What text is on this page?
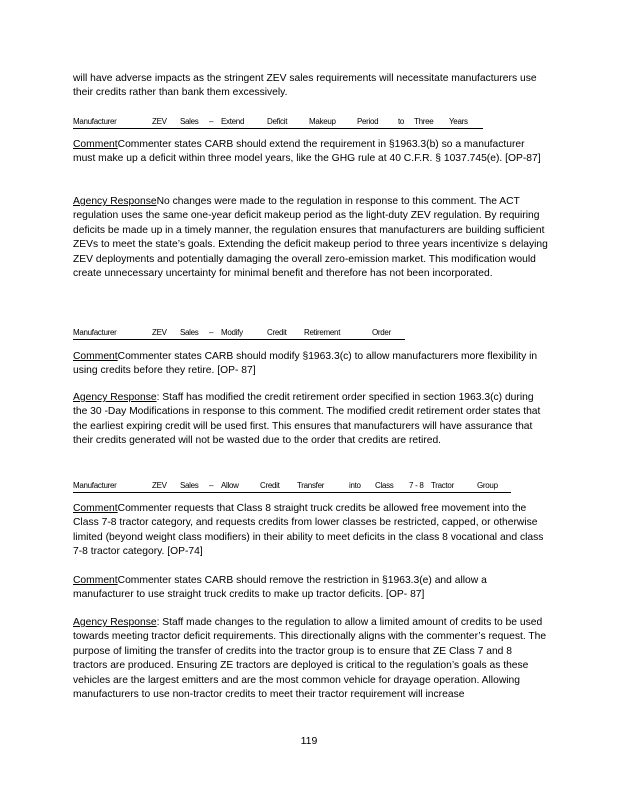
will have adverse impacts as the stringent ZEV sales requirements will necessitate manufacturers use their credits rather than bank them excessively.

Manufacturer	ZEV Sales – Extend	Deficit	Makeup	Period to Three Years

CommentCommenter states CARB should extend the requirement in §1963.3(b) so a manufacturer must make up a deficit within three model years, like the GHG rule at 40 C.F.R. § 1037.745(e). [OP-87]

Agency ResponseNo changes were made to the regulation in response to this comment. The ACT regulation uses the same one-year deficit makeup period as the light-duty ZEV regulation. By requiring deficits be made up in a timely manner, the regulation ensures that manufacturers are building sufficient ZEVs to meet the state’s goals. Extending the deficit makeup period to three years incentivize s delaying ZEV deployments and potentially damaging the overall zero-emission market. This modification would create unnecessary uncertainty for minimal benefit and therefore has not been incorporated.

Manufacturer	ZEV Sales – Modify	Credit Retirement	Order

CommentCommenter states CARB should modify §1963.3(c) to allow manufacturers more flexibility in using credits before they retire. [OP- 87]

Agency Response: Staff has modified the credit retirement order specified in section 1963.3(c) during the 30 -Day Modifications in response to this comment. The modified credit retirement order states that the earliest expiring credit will be used first. This ensures that manufacturers will have assurance that their credits generated will not be wasted due to the order that credits are retired.

Manufacturer	ZEV Sales – Allow	Credit Transfer	into Class 7 - 8 Tractor	Group

CommentCommenter requests that Class 8 straight truck credits be allowed free movement into the Class 7-8 tractor category, and requests credits from lower classes be restricted, capped, or otherwise limited (beyond weight class modifiers) in their ability to meet deficits in the class 8 vocational and class 7-8 tractor category. [OP-74]

CommentCommenter states CARB should remove the restriction in §1963.3(e) and allow a manufacturer to use straight truck credits to make up tractor deficits. [OP- 87]

Agency Response: Staff made changes to the regulation to allow a limited amount of credits to be used towards meeting tractor deficit requirements. This directionally aligns with the commenter’s request. The purpose of limiting the transfer of credits into the tractor group is to ensure that ZE Class 7 and 8 tractors are produced. Ensuring ZE tractors are deployed is critical to the regulation’s goals as these vehicles are the largest emitters and are the most common vehicle for drayage operation. Allowing manufacturers to use non-tractor credits to meet their tractor requirement will increase

119
